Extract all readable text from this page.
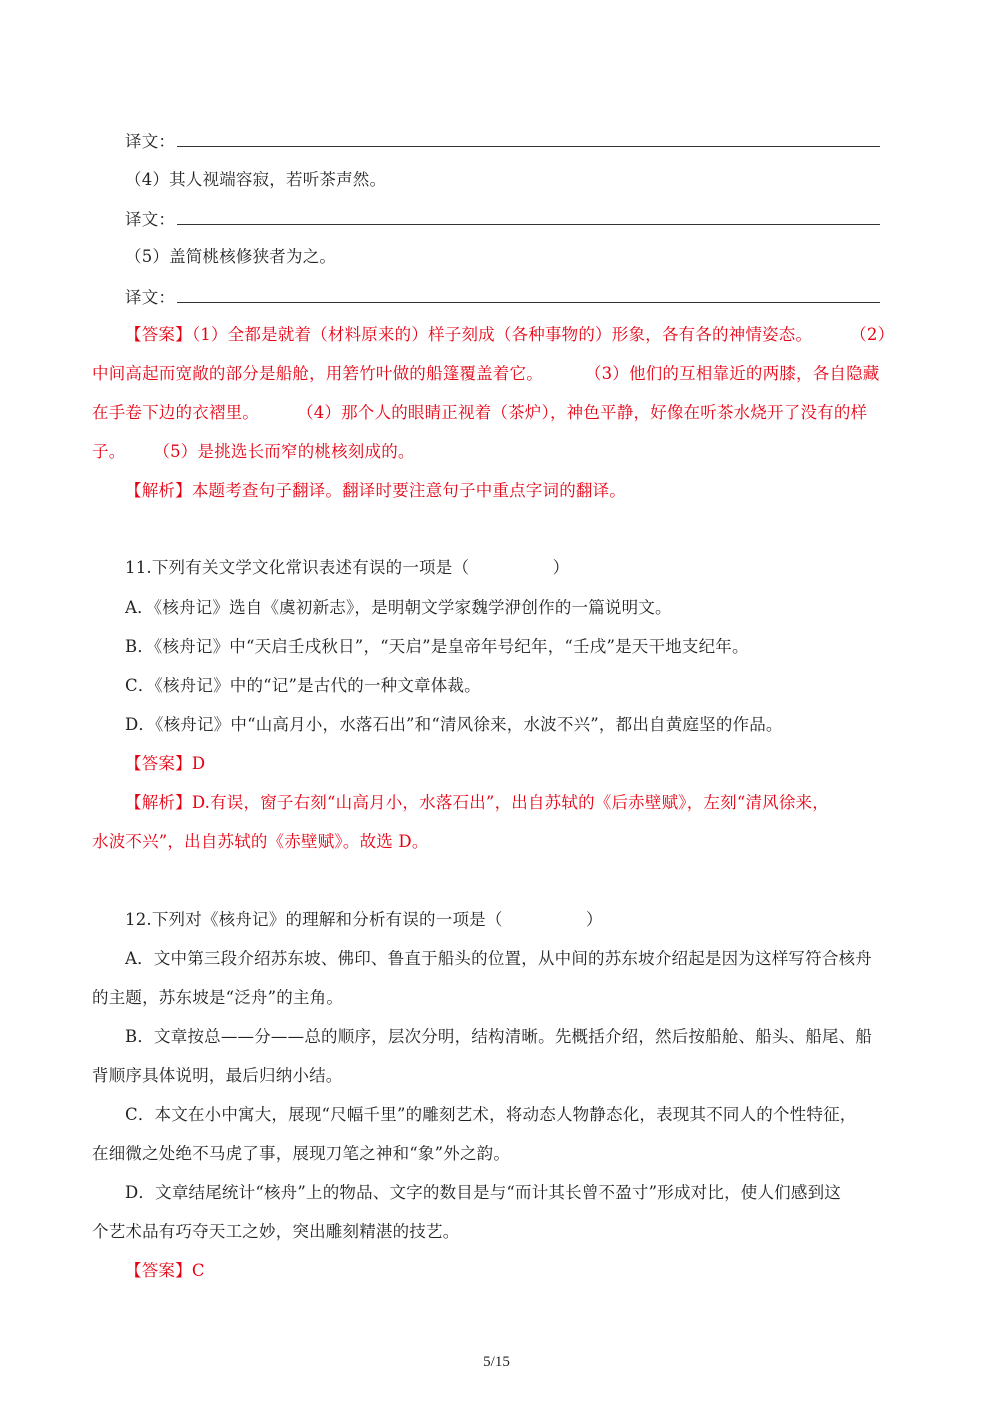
译文：
（4）其人视端容寂，若听茶声然。
译文：
（5）盖简桃核修狭者为之。
译文：
【答案】（1）全都是就着（材料原来的）样子刻成（各种事物的）形象，各有各的神情姿态。 （2）
中间高起而宽敞的部分是船舱，用箬竹叶做的船篷覆盖着它。	（3）他们的互相靠近的两膝，各自隐藏
在手卷下边的衣褶里。 （4）那个人的眼睛正视着（茶炉），神色平静，好像在听茶水烧开了没有的样
子。 （5）是挑选长而窄的桃核刻成的。
【解析】本题考查句子翻译。翻译时要注意句子中重点字词的翻译。
11.下列有关文学文化常识表述有误的一项是（　　　　　）
A．《核舟记》选自《虞初新志》，是明朝文学家魏学洢创作的一篇说明文。
B．《核舟记》中“天启壬戌秋日”，“天启”是皇帝年号纪年，“壬戌”是天干地支纪年。
C．《核舟记》中的“记”是古代的一种文章体裁。
D．《核舟记》中“山高月小，水落石出”和“清风徐来，水波不兴”，都出自黄庭坚的作品。
【答案】D
【解析】D.有误，窗子右刻“山高月小，水落石出”，出自苏轼的《后赤壁赋》，左刻“清风徐来，
水波不兴”，出自苏轼的《赤壁赋》。故选 D。
12.下列对《核舟记》的理解和分析有误的一项是（　　　　　）
A．文中第三段介绍苏东坡、佛印、鲁直于船头的位置，从中间的苏东坡介绍起是因为这样写符合核舟
的主题，苏东坡是“泛舟”的主角。
B．文章按总——分——总的顺序，层次分明，结构清晰。先概括介绍，然后按船舱、船头、船尾、船
背顺序具体说明，最后归纳小结。
C．本文在小中寓大，展现“尺幅千里”的雕刻艺术，将动态人物静态化，表现其不同人的个性特征，
在细微之处绝不马虎了事，展现刀笔之神和“象”外之韵。
D．文章结尾统计“核舟”上的物品、文字的数目是与“而计其长曾不盈寸”形成对比，使人们感到这
个艺术品有巧夺天工之妙，突出雕刻精湛的技艺。
【答案】C
5/15
